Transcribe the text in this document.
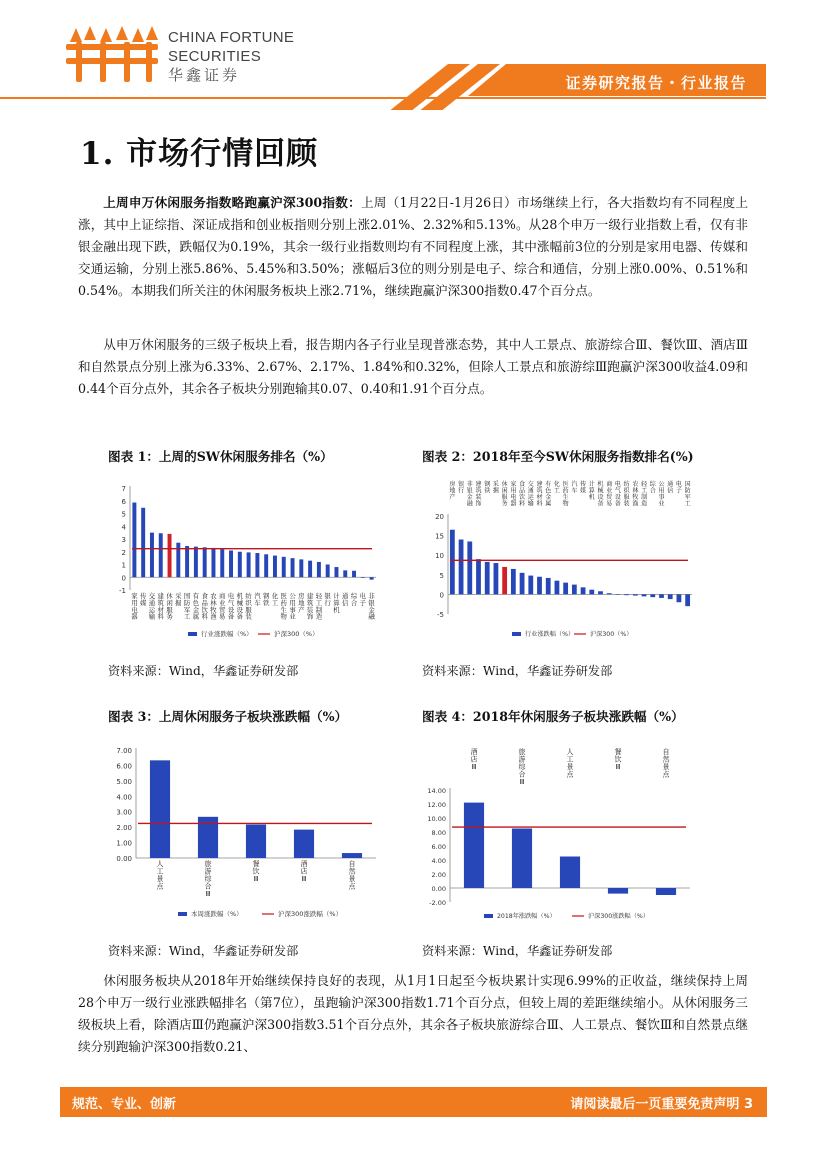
CHINA FORTUNE
SECURITIES
华鑫证券	证券研究报告・行业报告
1. 市场行情回顾

上周申万休闲服务指数略跑赢沪深300指数：上周（1月22日-1月26日）市场继续上行，各大指数均有不同程度上涨，其中上证综指、深证成指和创业板指则分别上涨2.01%、2.32%和5.13%。从28个申万一级行业指数上看，仅有非银金融出现下跌，跌幅仅为0.19%，其余一级行业指数则均有不同程度上涨，其中涨幅前3位的分别是家用电器、传媒和交通运输，分别上涨5.86%、5.45%和3.50%；涨幅后3位的则分别是电子、综合和通信，分别上涨0.00%、0.51%和0.54%。本期我们所关注的休闲服务板块上涨2.71%，继续跑赢沪深300指数0.47个百分点。

从申万休闲服务的三级子板块上看，报告期内各子行业呈现普涨态势，其中人工景点、旅游综合Ⅲ、餐饮Ⅲ、酒店Ⅲ和自然景点分别上涨为6.33%、2.67%、2.17%、1.84%和0.32%，但除人工景点和旅游综Ⅲ跑赢沪深300收益4.09和0.44个百分点外，其余各子板块分别跑输其0.07、0.40和1.91个百分点。

图表 1：上周的SW休闲服务排名（%）	图表 2：2018年至今SW休闲服务指数排名(%)
-1
0
1
2
3
4
5
6
7
家用电器
传媒
交通运输
建筑材料
休闲服务
采掘
国防军工
有色金属
食品饮料
农林牧渔
商业贸易
电气设备
机械设备
纺织服装
汽车
钢铁
化工
医药生物
公用事业
房地产
建筑装饰
轻工制造
银行
计算机
通信
综合
电子
非银金融
行业涨跌幅（%）	沪深300（%）
-5
0
5
10
15
20
房地产
银行
非银金融
建筑装饰
钢铁
采掘
休闲服务
家用电器
食品饮料
交通运输
建筑材料
有色金属
化工
医药生物
汽车
传媒
计算机
机械设备
商业贸易
电气设备
纺织服装
农林牧渔
轻工制造
综合
公用事业
通信
电子
国防军工
行业涨跌幅（%）	沪深300（%）
资料来源：Wind，华鑫证券研发部	资料来源：Wind，华鑫证券研发部
图表 3：上周休闲服务子板块涨跌幅（%）	图表 4：2018年休闲服务子板块涨跌幅（%）
0.00
1.00
2.00
3.00
4.00
5.00
6.00
7.00
人工景点
旅游综合 Ⅲ
餐饮 Ⅲ
酒店 Ⅲ
自然景点
本周涨跌幅（%）	沪深300涨跌幅（%）
-2.00
0.00
2.00
4.00
6.00
8.00
10.00
12.00
14.00
酒店 Ⅲ
旅游综合 Ⅲ
人工景点
餐饮 Ⅲ
自然景点
2018年涨跌幅（%）	沪深300涨跌幅（%）
资料来源：Wind，华鑫证券研发部	资料来源：Wind，华鑫证券研发部

休闲服务板块从2018年开始继续保持良好的表现，从1月1日起至今板块累计实现6.99%的正收益，继续保持上周28个申万一级行业涨跌幅排名（第7位），虽跑输沪深300指数1.71个百分点，但较上周的差距继续缩小。从休闲服务三级板块上看，除酒店Ⅲ仍跑赢沪深300指数3.51个百分点外，其余各子板块旅游综合Ⅲ、人工景点、餐饮Ⅲ和自然景点继续分别跑输沪深300指数0.21、

规范、专业、创新	请阅读最后一页重要免责声明 3
